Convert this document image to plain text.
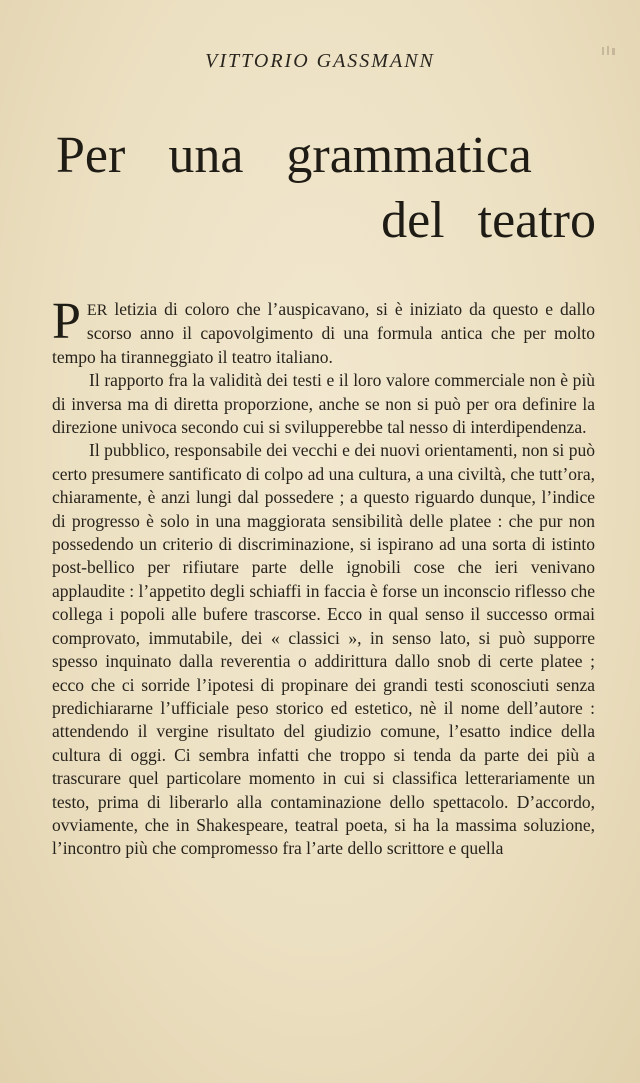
VITTORIO GASSMANN
Per una grammatica
del teatro

PER letizia di coloro che l’auspicavano, si è iniziato da questo e dallo scorso anno il capovolgimento di una formula antica che per molto tempo ha tiranneggiato il teatro italiano.

Il rapporto fra la validità dei testi e il loro valore commerciale non è più di inversa ma di diretta proporzione, anche se non si può per ora definire la direzione univoca secondo cui si svilupperebbe tal nesso di interdipendenza.

Il pubblico, responsabile dei vecchi e dei nuovi orientamenti, non si può certo presumere santificato di colpo ad una cultura, a una civiltà, che tutt’ora, chiaramente, è anzi lungi dal possedere ; a questo riguardo dunque, l’indice di progresso è solo in una maggiorata sensibilità delle platee : che pur non possedendo un criterio di discriminazione, si ispirano ad una sorta di istinto post-bellico per rifiutare parte delle ignobili cose che ieri venivano applaudite : l’appetito degli schiaffi in faccia è forse un inconscio riflesso che collega i popoli alle bufere trascorse. Ecco in qual senso il successo ormai comprovato, immutabile, dei « classici », in senso lato, si può supporre spesso inquinato dalla reverentia o addirittura dallo snob di certe platee ; ecco che ci sorride l’ipotesi di propinare dei grandi testi sconosciuti senza predichiararne l’ufficiale peso storico ed estetico, nè il nome dell’autore : attendendo il vergine risultato del giudizio comune, l’esatto indice della cultura di oggi. Ci sembra infatti che troppo si tenda da parte dei più a trascurare quel particolare momento in cui si classifica letterariamente un testo, prima di liberarlo alla contaminazione dello spettacolo. D’accordo, ovviamente, che in Shakespeare, teatral poeta, si ha la massima soluzione, l’incontro più che compromesso fra l’arte dello scrittore e quella
